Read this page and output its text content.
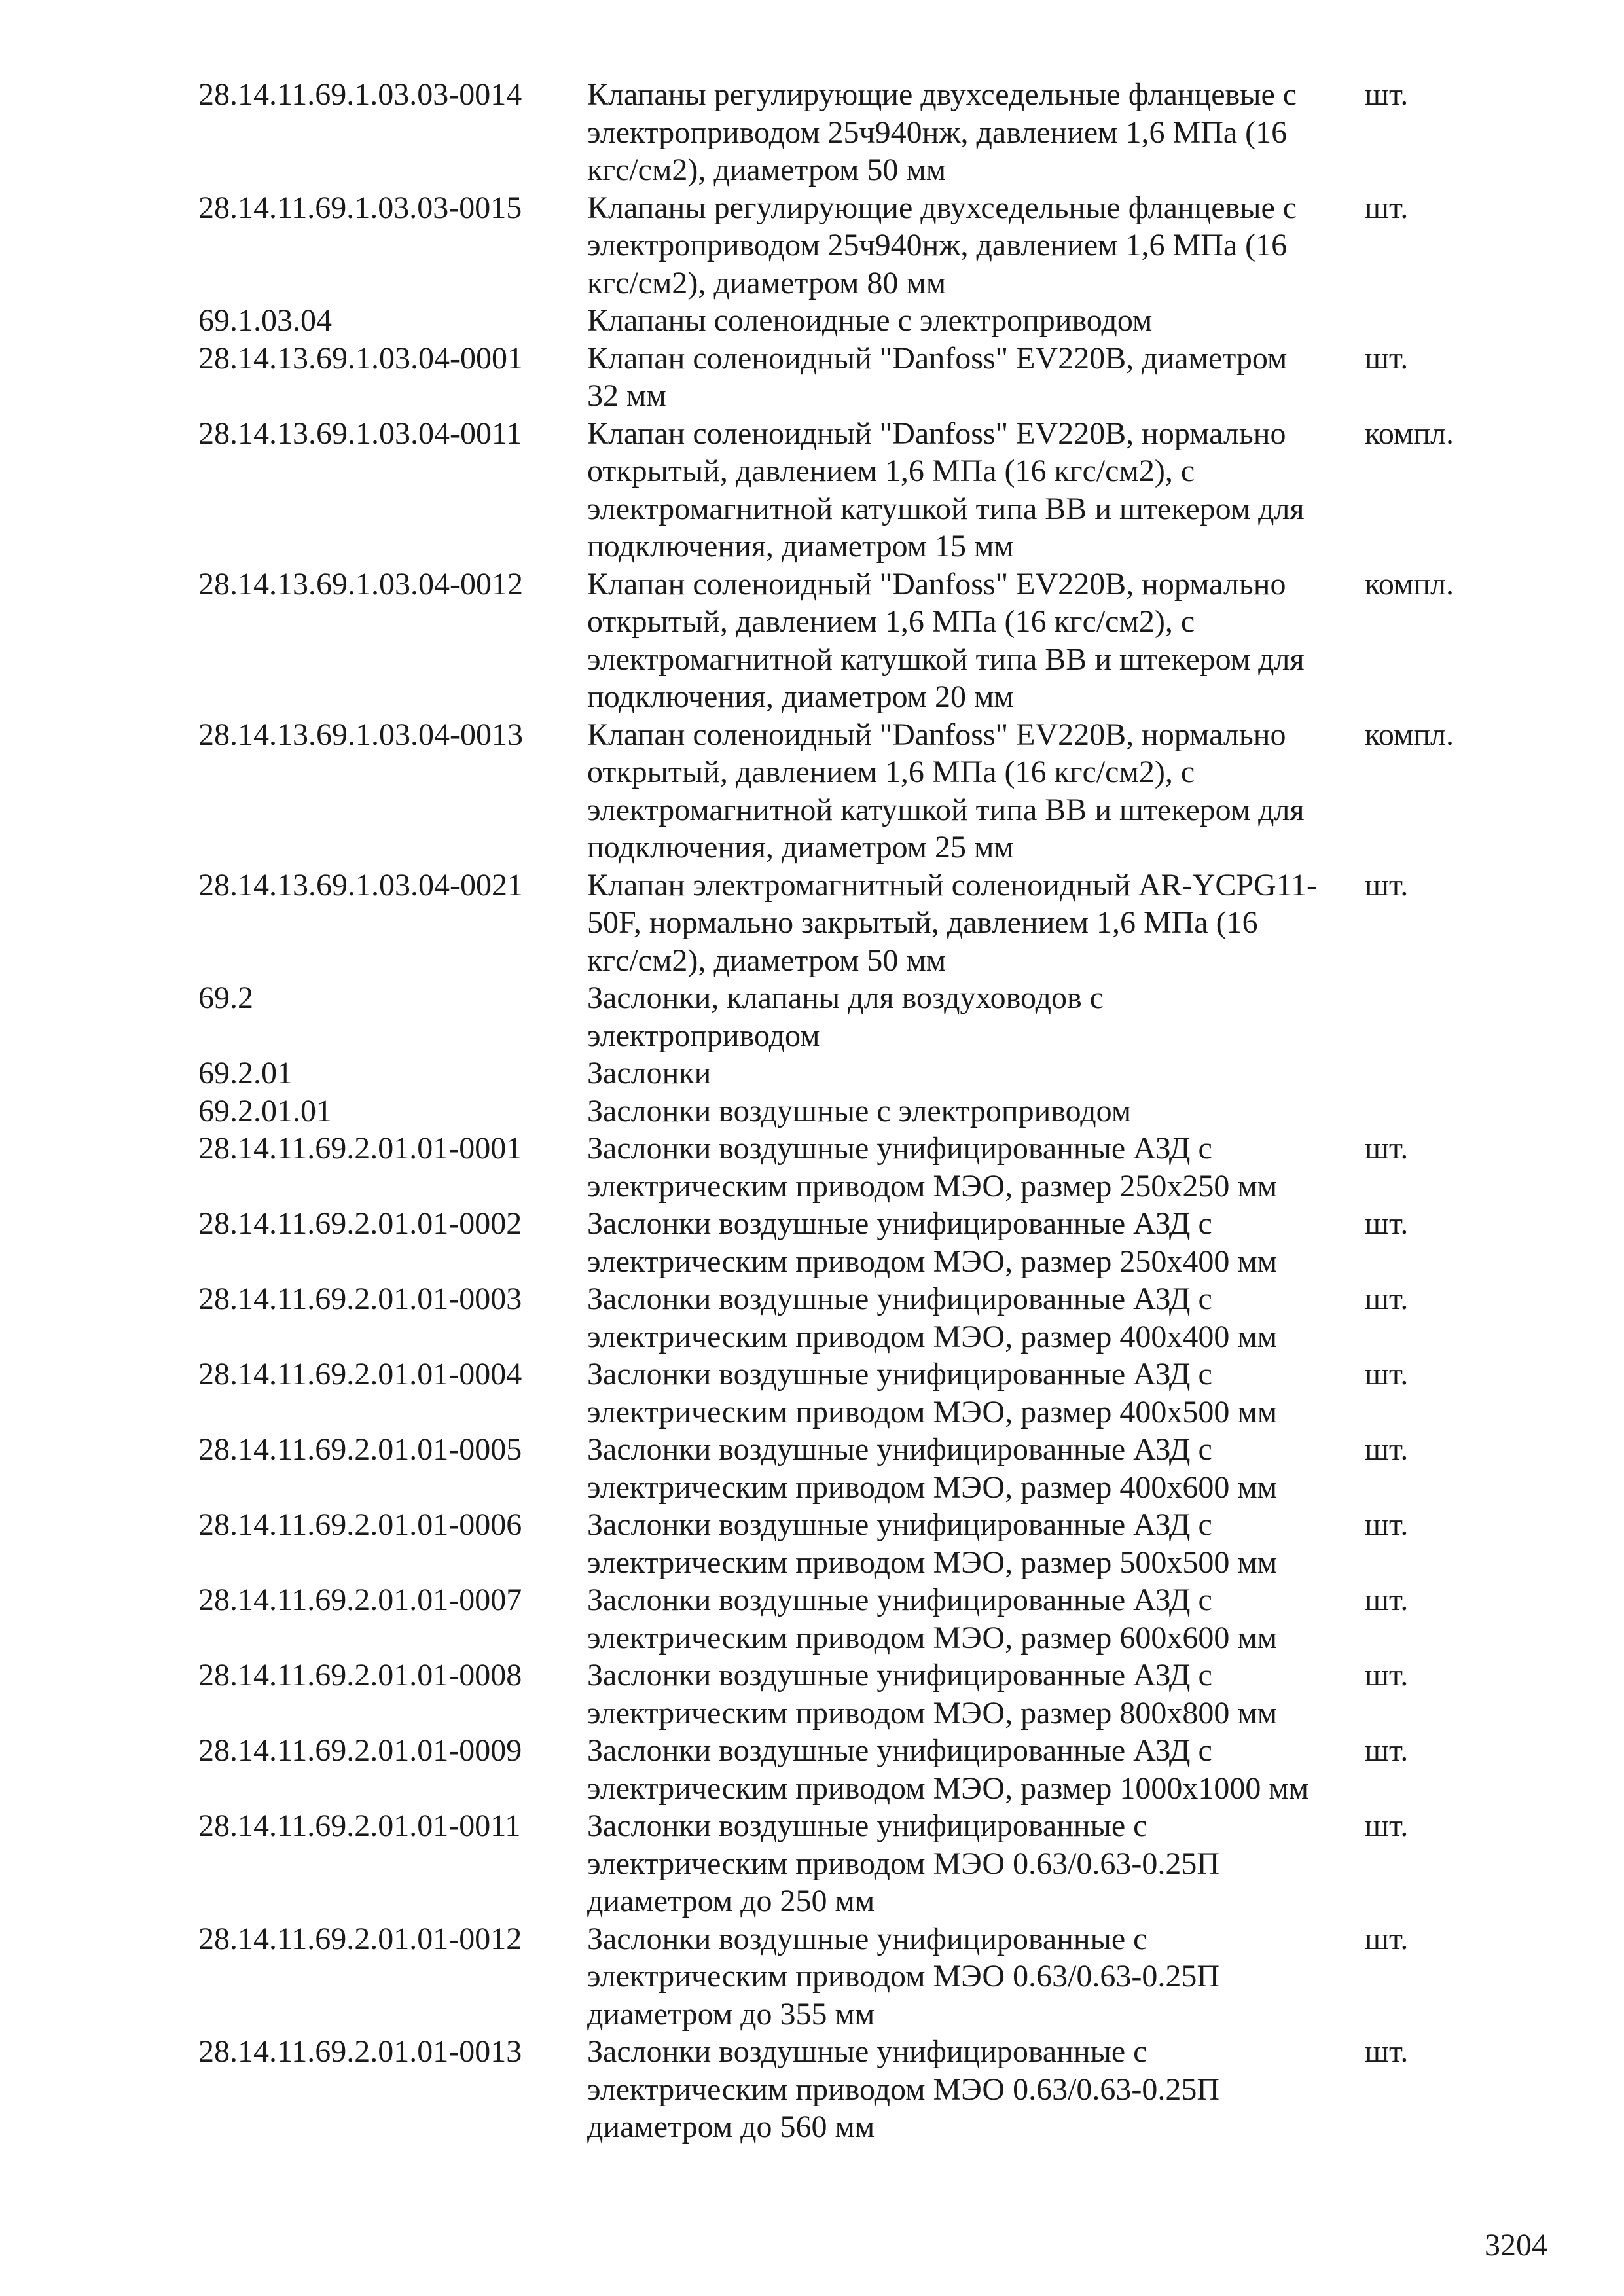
28.14.11.69.1.03.03-0014	Клапаны регулирующие двухседельные фланцевые с
электроприводом 25ч940нж, давлением 1,6 МПа (16
кгс/см2), диаметром 50 мм
шт.
28.14.11.69.1.03.03-0015	Клапаны регулирующие двухседельные фланцевые с
электроприводом 25ч940нж, давлением 1,6 МПа (16
кгс/см2), диаметром 80 мм
шт.
69.1.03.04	Клапаны соленоидные с электроприводом
28.14.13.69.1.03.04-0001	Клапан соленоидный "Danfoss" EV220B, диаметром
32 мм
шт.
28.14.13.69.1.03.04-0011	Клапан соленоидный "Danfoss" EV220B, нормально
открытый, давлением 1,6 МПа (16 кгс/см2), с
электромагнитной катушкой типа ВВ и штекером для
подключения, диаметром 15 мм
компл.
28.14.13.69.1.03.04-0012	Клапан соленоидный "Danfoss" EV220B, нормально
открытый, давлением 1,6 МПа (16 кгс/см2), с
электромагнитной катушкой типа ВВ и штекером для
подключения, диаметром 20 мм
компл.
28.14.13.69.1.03.04-0013	Клапан соленоидный "Danfoss" EV220B, нормально
открытый, давлением 1,6 МПа (16 кгс/см2), с
электромагнитной катушкой типа ВВ и штекером для
подключения, диаметром 25 мм
компл.
28.14.13.69.1.03.04-0021	Клапан электромагнитный соленоидный AR-YCPG11-
50F, нормально закрытый, давлением 1,6 МПа (16
кгс/см2), диаметром 50 мм
шт.
69.2	Заслонки, клапаны для воздуховодов с
электроприводом
69.2.01	Заслонки
69.2.01.01	Заслонки воздушные с электроприводом
28.14.11.69.2.01.01-0001	Заслонки воздушные унифицированные АЗД с
электрическим приводом МЭО, размер 250х250 мм
шт.
28.14.11.69.2.01.01-0002	Заслонки воздушные унифицированные АЗД с
электрическим приводом МЭО, размер 250х400 мм
шт.
28.14.11.69.2.01.01-0003	Заслонки воздушные унифицированные АЗД с
электрическим приводом МЭО, размер 400х400 мм
шт.
28.14.11.69.2.01.01-0004	Заслонки воздушные унифицированные АЗД с
электрическим приводом МЭО, размер 400х500 мм
шт.
28.14.11.69.2.01.01-0005	Заслонки воздушные унифицированные АЗД с
электрическим приводом МЭО, размер 400х600 мм
шт.
28.14.11.69.2.01.01-0006	Заслонки воздушные унифицированные АЗД с
электрическим приводом МЭО, размер 500х500 мм
шт.
28.14.11.69.2.01.01-0007	Заслонки воздушные унифицированные АЗД с
электрическим приводом МЭО, размер 600х600 мм
шт.
28.14.11.69.2.01.01-0008	Заслонки воздушные унифицированные АЗД с
электрическим приводом МЭО, размер 800х800 мм
шт.
28.14.11.69.2.01.01-0009	Заслонки воздушные унифицированные АЗД с
электрическим приводом МЭО, размер 1000х1000 мм
шт.
28.14.11.69.2.01.01-0011	Заслонки воздушные унифицированные с
электрическим приводом МЭО 0.63/0.63-0.25П
диаметром до 250 мм
шт.
28.14.11.69.2.01.01-0012	Заслонки воздушные унифицированные с
электрическим приводом МЭО 0.63/0.63-0.25П
диаметром до 355 мм
шт.
28.14.11.69.2.01.01-0013	Заслонки воздушные унифицированные с
электрическим приводом МЭО 0.63/0.63-0.25П
диаметром до 560 мм
шт.
3204
